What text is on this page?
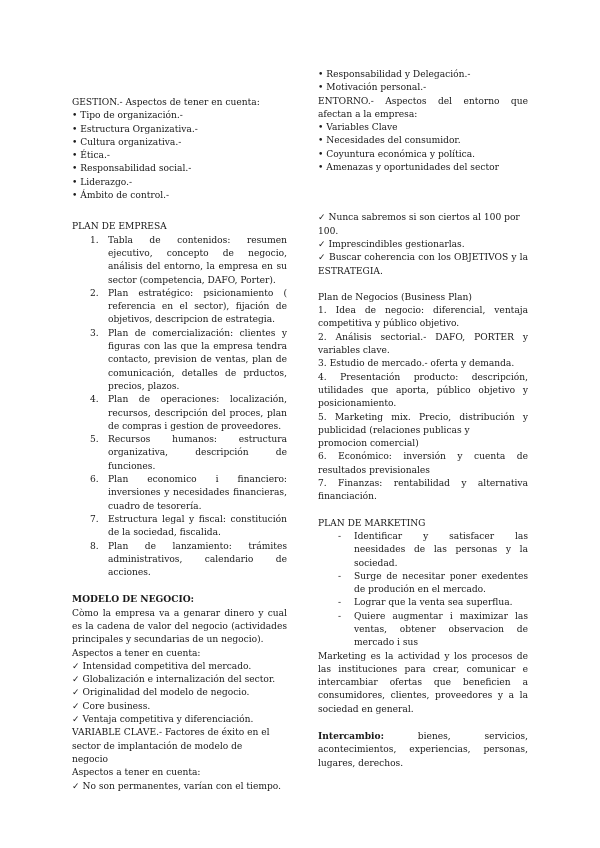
GESTION.- Aspectos de tener en cuenta:

• Tipo de organización.-

• Estructura Organizativa.-

• Cultura organizativa.-

• Ética.-

• Responsabilidad social.-

• Liderazgo.-

• Ámbito de control.-

PLAN DE EMPRESA

1.	Tabla de contenidos: resumen ejecutivo, concepto de negocio, análisis del entorno, la empresa en su sector (competencia, DAFO, Porter).
2.	Plan estratégico: psicionamiento ( referencia en el sector), fijación de objetivos, descripcion de estrategia.
3.	Plan de comercialización: clientes y figuras con las que la empresa tendra contacto, prevision de ventas, plan de comunicación, detalles de prductos, precios, plazos.
4.	Plan de operaciones: localización, recursos, descripción del proces, plan de compras i gestion de proveedores.
5.	Recursos humanos: estructura organizativa, descripción de funciones.
6.	Plan economico i financiero: inversiones y necesidades financieras, cuadro de tesorería.
7.	Estructura legal y fiscal: constitución de la sociedad, fiscalida.
8.	Plan de lanzamiento: trámites administrativos, calendario de acciones.

MODELO DE NEGOCIO:

Còmo la empresa va a genarar dinero y cual es la cadena de valor del negocio (actividades principales y secundarias de un negocio).

Aspectos a tener en cuenta:

✓ Intensidad competitiva del mercado.

✓ Globalización e internalización del sector.

✓ Originalidad del modelo de negocio.

✓ Core business.

✓ Ventaja competitiva y diferenciación.

VARIABLE CLAVE.- Factores de éxito en el sector de implantación de modelo de

negocio

Aspectos a tener en cuenta:

✓ No son permanentes, varían con el tiempo.

• Responsabilidad y Delegación.-

• Motivación personal.-

ENTORNO.- Aspectos del entorno que afectan a la empresa:

• Variables Clave

• Necesidades del consumidor.

• Coyuntura económica y política.

• Amenazas y oportunidades del sector

✓ Nunca sabremos si son ciertos al 100 por 100.

✓ Imprescindibles gestionarlas.

✓ Buscar coherencia con los OBJETIVOS y la ESTRATEGIA.

Plan de Negocios (Business Plan)

1. Idea de negocio: diferencial, ventaja competitiva y público objetivo.

2. Análisis sectorial.- DAFO, PORTER y variables clave.

3. Estudio de mercado.- oferta y demanda.

4. Presentación producto: descripción, utilidades que aporta, público objetivo y posicionamiento.

5. Marketing mix. Precio, distribución y publicidad (relaciones publicas y

promocion comercial)

6. Económico: inversión y cuenta de resultados previsionales

7. Finanzas: rentabilidad y alternativa financiación.

PLAN DE MARKETING

-	Identificar y satisfacer las neesidades de las personas y la sociedad.
-	Surge de necesitar poner exedentes de produción en el mercado.
-	Lograr que la venta sea superflua.
-	Quiere augmentar i maximizar las ventas, obtener observacion de mercado i sus

Marketing es la actividad y los procesos de las instituciones para crear, comunicar e intercambiar ofertas que beneficien a consumidores, clientes, proveedores y a la sociedad en general.

Intercambio: bienes, servicios, acontecimientos, experiencias, personas, lugares, derechos.
